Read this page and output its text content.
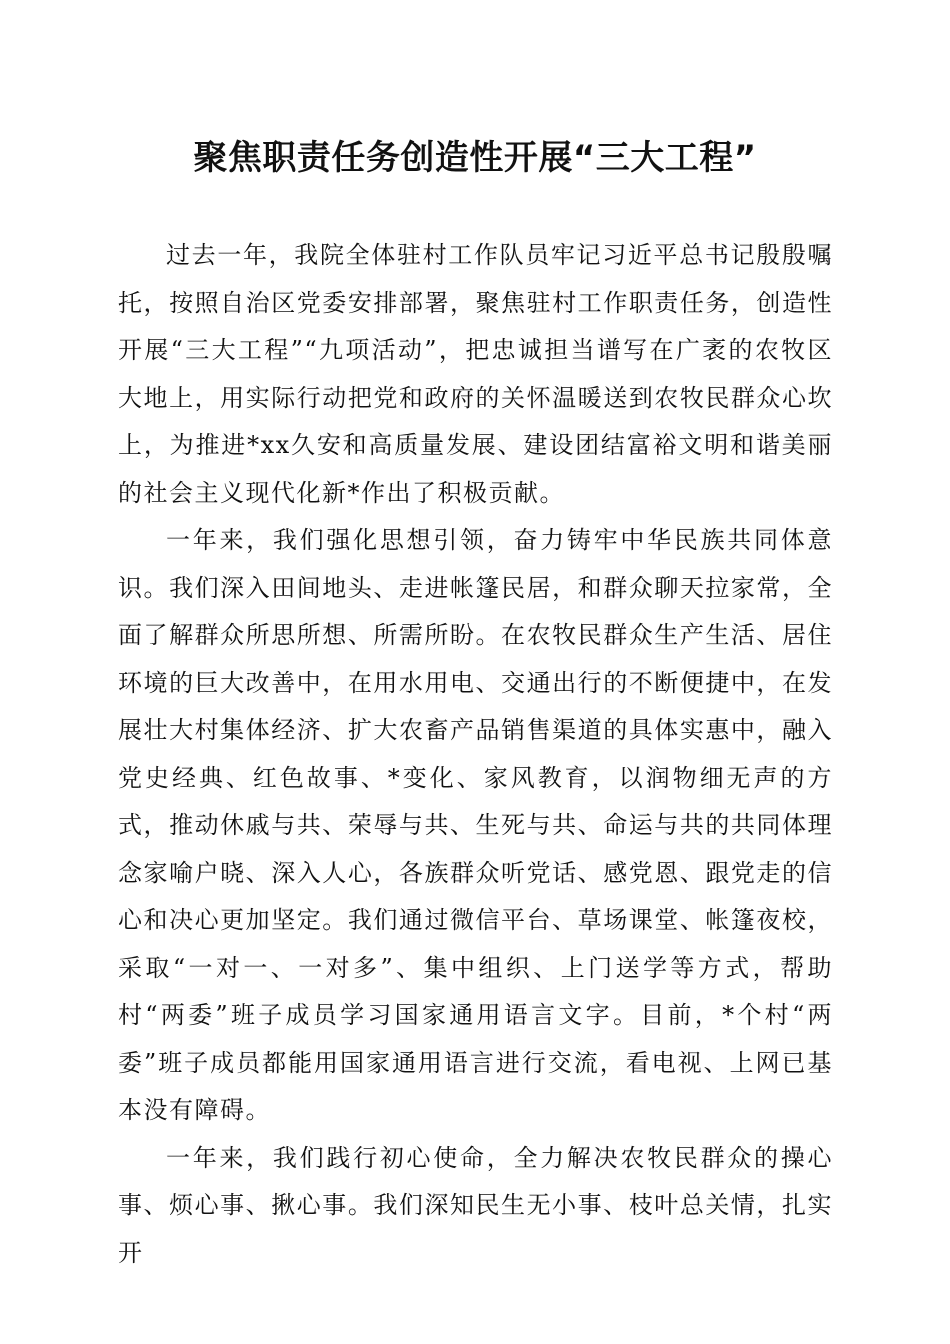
聚焦职责任务创造性开展“三大工程”

过去一年，我院全体驻村工作队员牢记习近平总书记殷殷嘱托，按照自治区党委安排部署，聚焦驻村工作职责任务，创造性开展“三大工程”“九项活动”，把忠诚担当谱写在广袤的农牧区大地上，用实际行动把党和政府的关怀温暖送到农牧民群众心坎上，为推进*xx久安和高质量发展、建设团结富裕文明和谐美丽的社会主义现代化新*作出了积极贡献。

一年来，我们强化思想引领，奋力铸牢中华民族共同体意识。我们深入田间地头、走进帐篷民居，和群众聊天拉家常，全面了解群众所思所想、所需所盼。在农牧民群众生产生活、居住环境的巨大改善中，在用水用电、交通出行的不断便捷中，在发展壮大村集体经济、扩大农畜产品销售渠道的具体实惠中，融入党史经典、红色故事、*变化、家风教育，以润物细无声的方式，推动休戚与共、荣辱与共、生死与共、命运与共的共同体理念家喻户晓、深入人心，各族群众听党话、感党恩、跟党走的信心和决心更加坚定。我们通过微信平台、草场课堂、帐篷夜校，采取“一对一、一对多”、集中组织、上门送学等方式，帮助村“两委”班子成员学习国家通用语言文字。目前，*个村“两委”班子成员都能用国家通用语言进行交流，看电视、上网已基本没有障碍。

一年来，我们践行初心使命，全力解决农牧民群众的操心事、烦心事、揪心事。我们深知民生无小事、枝叶总关情，扎实开
